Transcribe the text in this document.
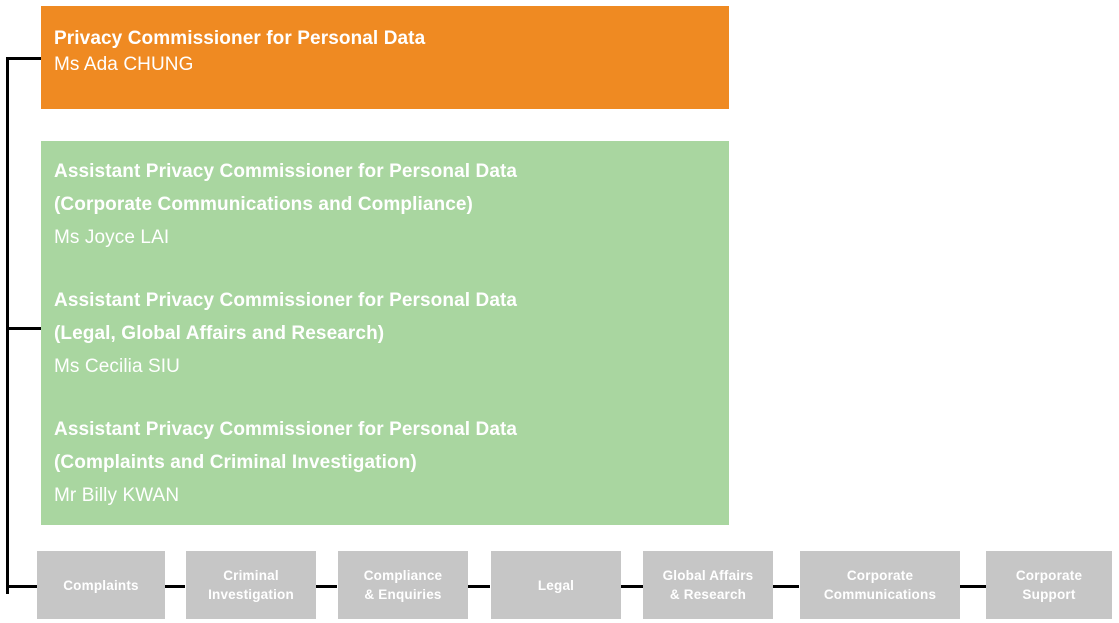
Privacy Commissioner for Personal Data
Ms Ada CHUNG
Assistant Privacy Commissioner for Personal Data
(Corporate Communications and Compliance)
Ms Joyce LAI
Assistant Privacy Commissioner for Personal Data
(Legal, Global Affairs and Research)
Ms Cecilia SIU
Assistant Privacy Commissioner for Personal Data
(Complaints and Criminal Investigation)
Mr Billy KWAN
Complaints
Criminal
Investigation
Compliance
& Enquiries
Legal
Global Affairs
& Research
Corporate
Communications
Corporate
Support
